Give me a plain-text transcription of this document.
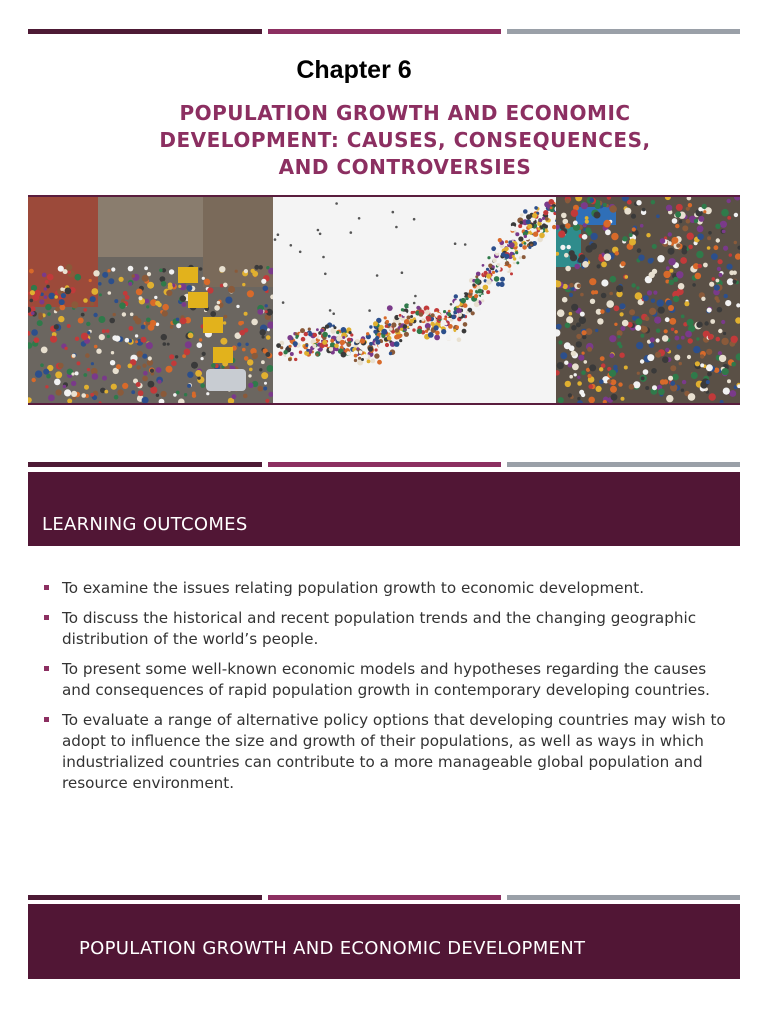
Chapter 6
POPULATION GROWTH AND ECONOMIC
DEVELOPMENT: CAUSES, CONSEQUENCES,
AND CONTROVERSIES
LEARNING OUTCOMES
To examine the issues relating population growth to economic development.
To discuss the historical and recent population trends and the changing geographic distribution of the world’s people.
To present some well-known economic models and hypotheses regarding the causes and consequences of rapid population growth in contemporary developing countries.
To evaluate a range of alternative policy options that developing countries may wish to adopt to influence the size and growth of their populations, as well as ways in which industrialized countries can contribute to a more manageable global population and resource environment.
POPULATION GROWTH AND ECONOMIC DEVELOPMENT
